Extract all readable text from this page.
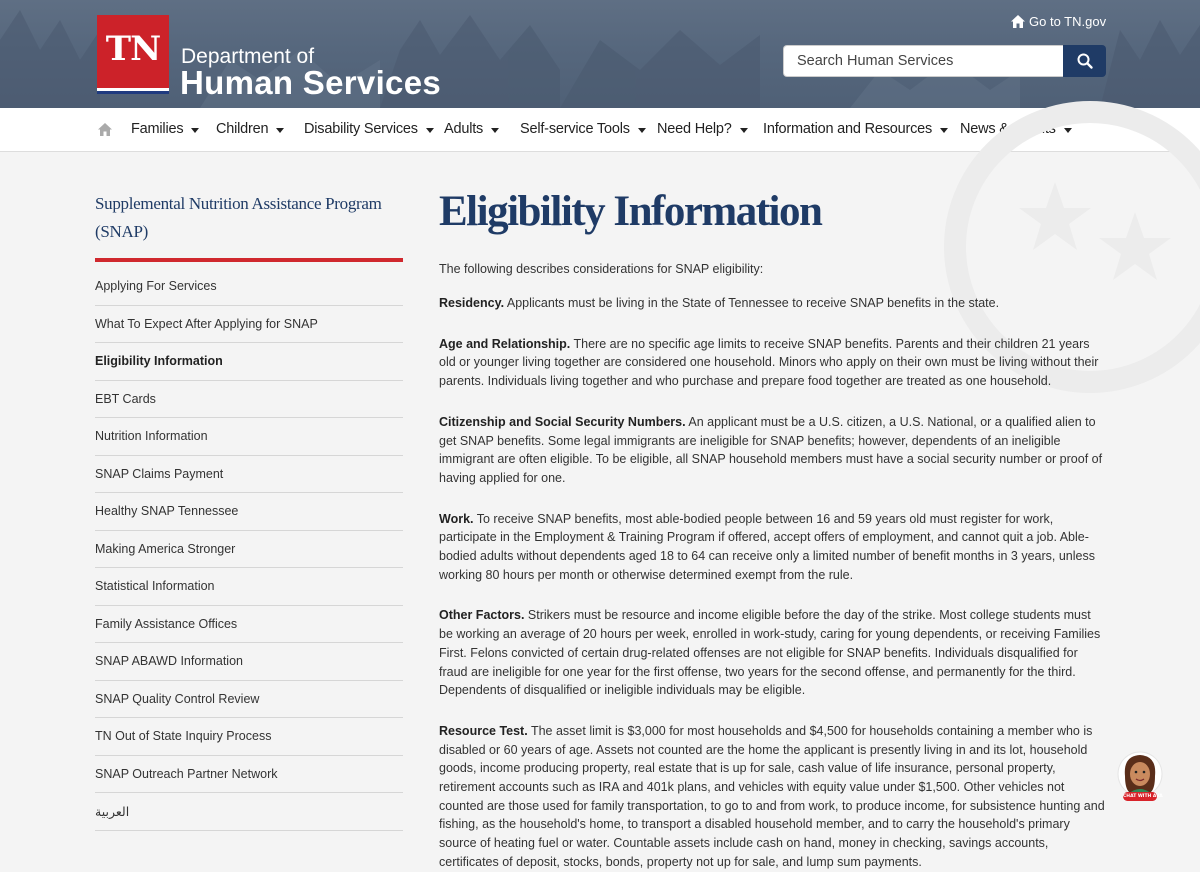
TN Department of
Human Services
Go to TN.gov
Search Human Services
Families Children Disability Services Adults	Self-service Tools Need Help? Information and Resources News & Events
Supplemental Nutrition Assistance Program (SNAP)
Applying For Services
What To Expect After Applying for SNAP
Eligibility Information
EBT Cards
Nutrition Information
SNAP Claims Payment
Healthy SNAP Tennessee
Making America Stronger
Statistical Information
Family Assistance Offices
SNAP ABAWD Information
SNAP Quality Control Review
TN Out of State Inquiry Process
SNAP Outreach Partner Network
العربية
Eligibility Information

The following describes considerations for SNAP eligibility:

Residency. Applicants must be living in the State of Tennessee to receive SNAP benefits in the state.

Age and Relationship. There are no specific age limits to receive SNAP benefits. Parents and their children 21 years old or younger living together are considered one household. Minors who apply on their own must be living without their parents. Individuals living together and who purchase and prepare food together are treated as one household.

Citizenship and Social Security Numbers. An applicant must be a U.S. citizen, a U.S. National, or a qualified alien to get SNAP benefits. Some legal immigrants are ineligible for SNAP benefits; however, dependents of an ineligible immigrant are often eligible. To be eligible, all SNAP household members must have a social security number or proof of having applied for one.

Work. To receive SNAP benefits, most able-bodied people between 16 and 59 years old must register for work, participate in the Employment & Training Program if offered, accept offers of employment, and cannot quit a job. Able-bodied adults without dependents aged 18 to 64 can receive only a limited number of benefit months in 3 years, unless working 80 hours per month or otherwise determined exempt from the rule.

Other Factors. Strikers must be resource and income eligible before the day of the strike. Most college students must be working an average of 20 hours per week, enrolled in work-study, caring for young dependents, or receiving Families First. Felons convicted of certain drug-related offenses are not eligible for SNAP benefits. Individuals disqualified for fraud are ineligible for one year for the first offense, two years for the second offense, and permanently for the third. Dependents of disqualified or ineligible individuals may be eligible.

Resource Test. The asset limit is $3,000 for most households and $4,500 for households containing a member who is disabled or 60 years of age. Assets not counted are the home the applicant is presently living in and its lot, household goods, income producing property, real estate that is up for sale, cash value of life insurance, personal property, retirement accounts such as IRA and 401k plans, and vehicles with equity value under $1,500. Other vehicles not counted are those used for family transportation, to go to and from work, to produce income, for subsistence hunting and fishing, as the household's home, to transport a disabled household member, and to carry the household's primary source of heating fuel or water. Countable assets include cash on hand, money in checking, savings accounts, certificates of deposit, stocks, bonds, property not up for sale, and lump sum payments.

CHAT WITH AVA
